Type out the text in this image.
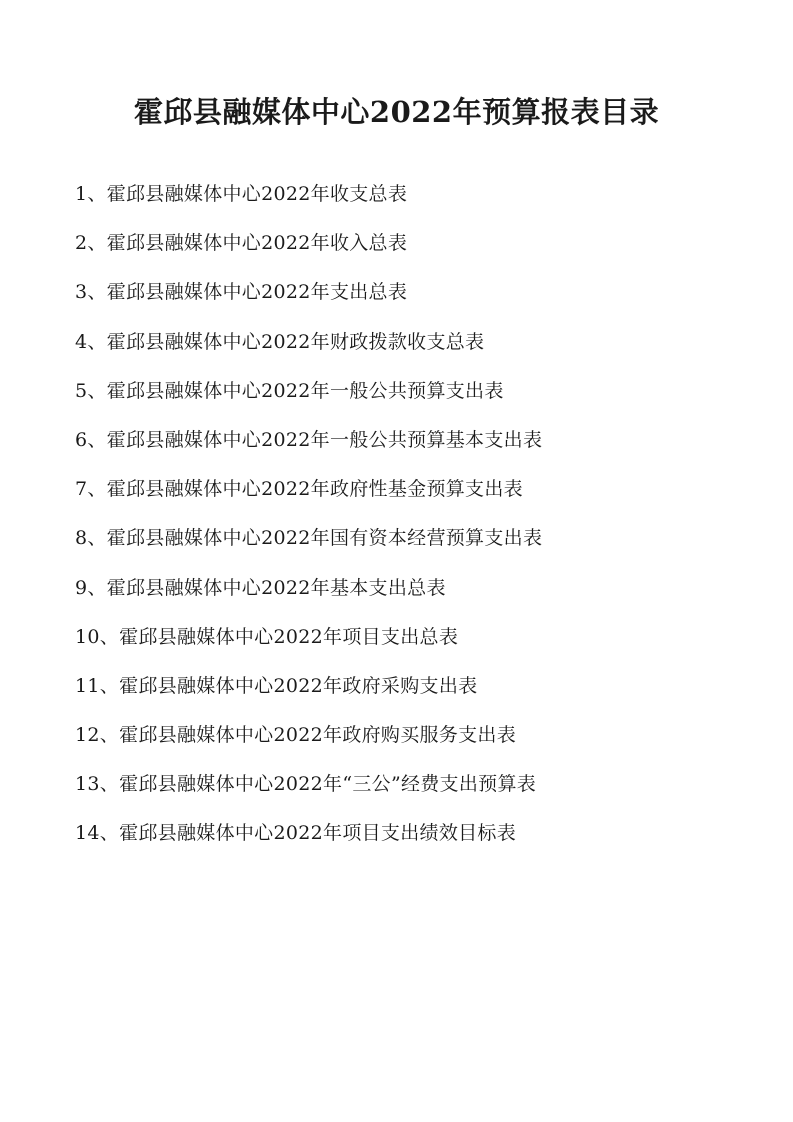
霍邱县融媒体中心2022年预算报表目录
1、霍邱县融媒体中心2022年收支总表
2、霍邱县融媒体中心2022年收入总表
3、霍邱县融媒体中心2022年支出总表
4、霍邱县融媒体中心2022年财政拨款收支总表
5、霍邱县融媒体中心2022年一般公共预算支出表
6、霍邱县融媒体中心2022年一般公共预算基本支出表
7、霍邱县融媒体中心2022年政府性基金预算支出表
8、霍邱县融媒体中心2022年国有资本经营预算支出表
9、霍邱县融媒体中心2022年基本支出总表
10、霍邱县融媒体中心2022年项目支出总表
11、霍邱县融媒体中心2022年政府采购支出表
12、霍邱县融媒体中心2022年政府购买服务支出表
13、霍邱县融媒体中心2022年“三公”经费支出预算表
14、霍邱县融媒体中心2022年项目支出绩效目标表
